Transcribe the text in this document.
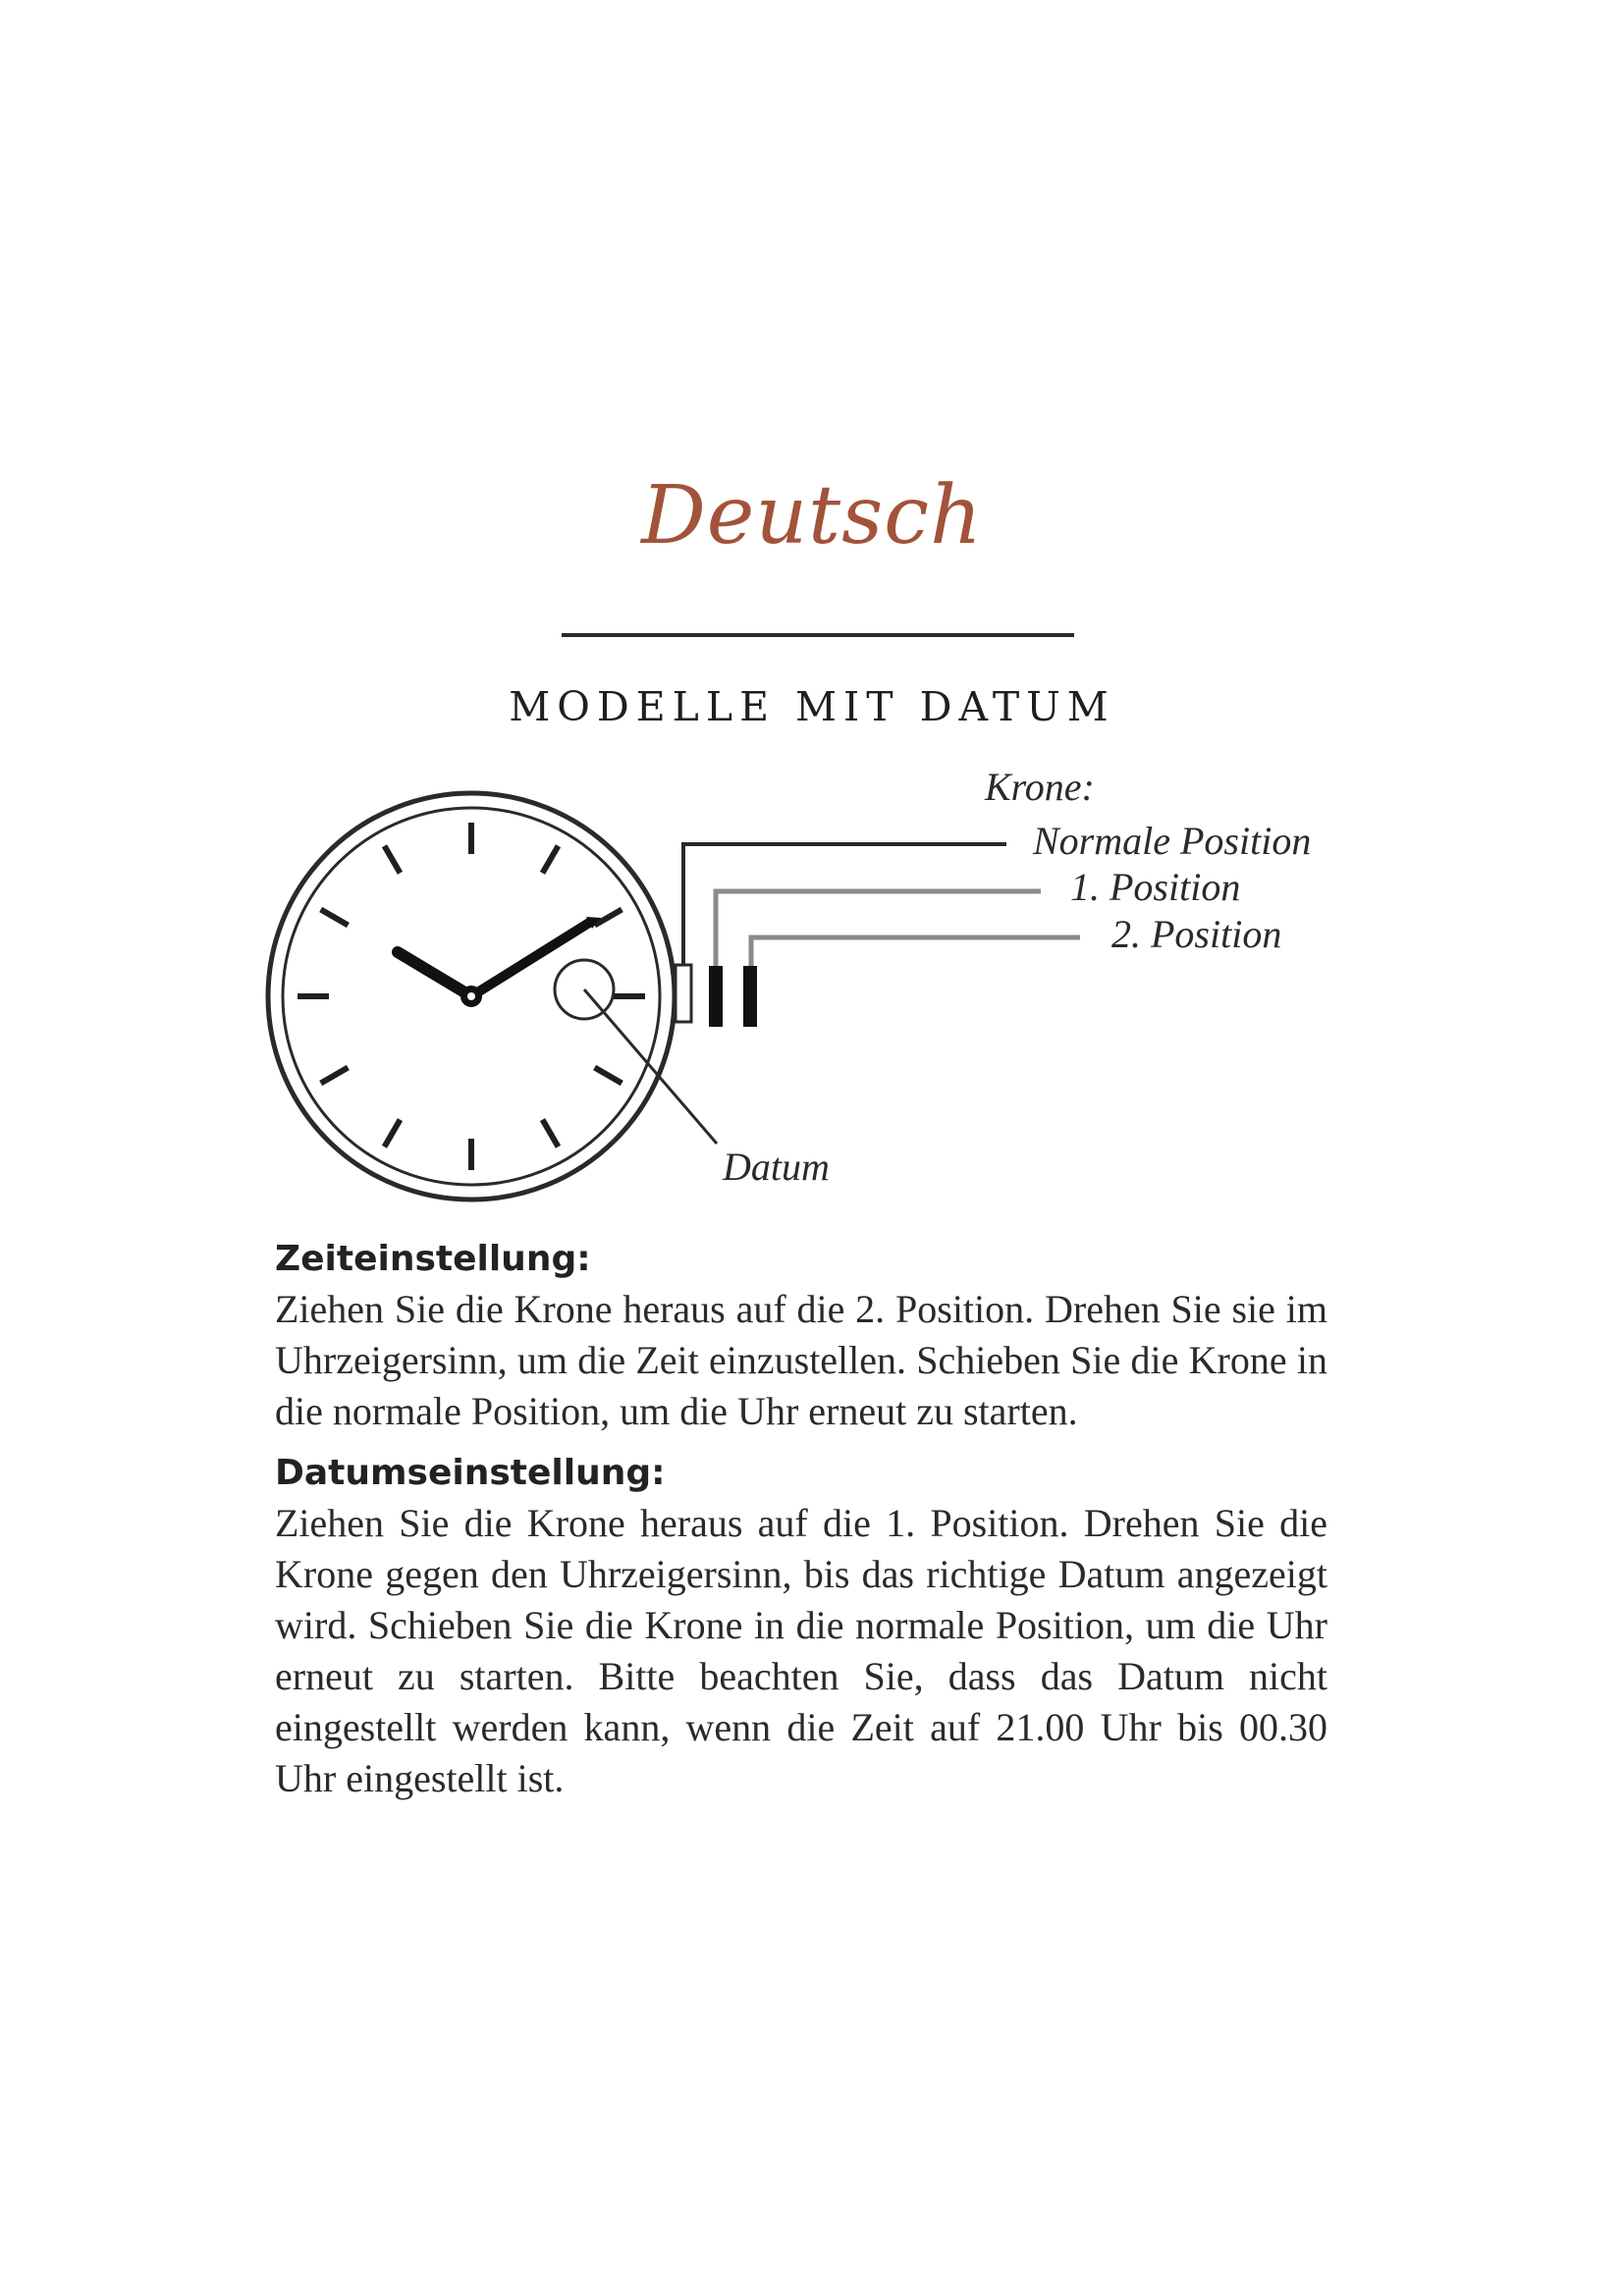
Deutsch
MODELLE MIT DATUM
Krone:
Normale Position
1. Position
2. Position
Datum

Zeiteinstellung:

Ziehen Sie die Krone heraus auf die 2. Position. Drehen Sie sie im Uhrzeigersinn, um die Zeit einzustellen. Schieben Sie die Krone in die normale Position, um die Uhr erneut zu starten.

Datumseinstellung:

Ziehen Sie die Krone heraus auf die 1. Position. Drehen Sie die Krone gegen den Uhrzeigersinn, bis das richtige Datum angezeigt wird. Schieben Sie die Krone in die normale Position, um die Uhr erneut zu starten. Bitte beachten Sie, dass das Datum nicht eingestellt werden kann, wenn die Zeit auf 21.00 Uhr bis 00.30 Uhr eingestellt ist.
